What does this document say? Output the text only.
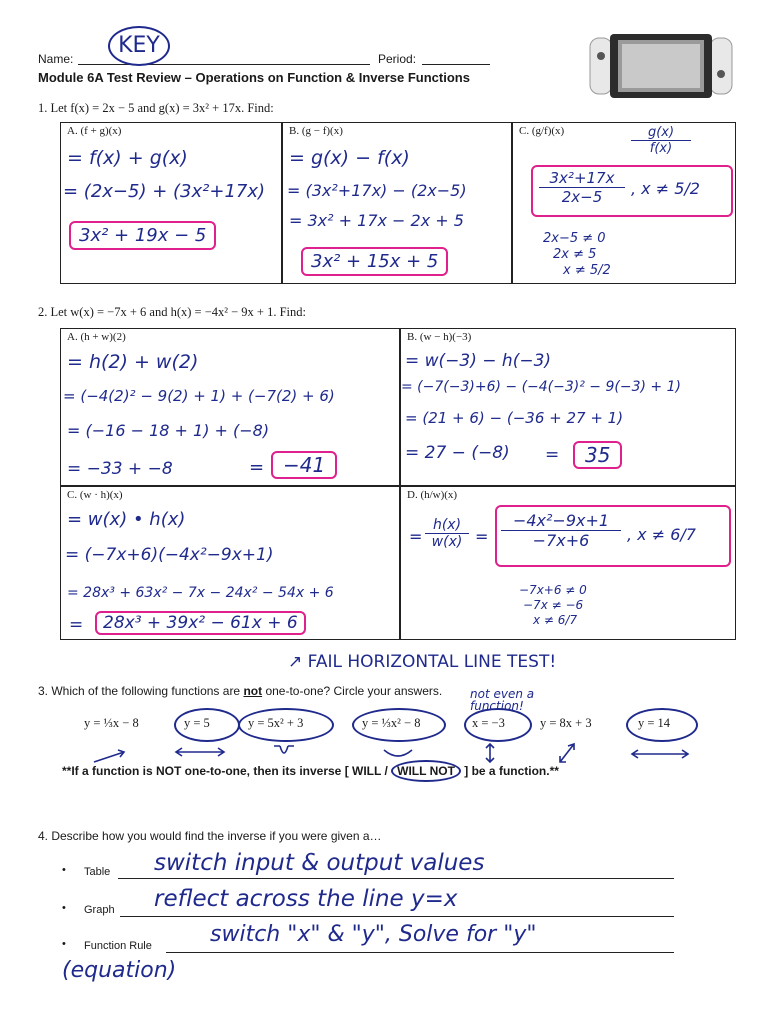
Name:
KEY
Period:
Module 6A Test Review – Operations on Function & Inverse Functions
1. Let f(x) = 2x − 5 and g(x) = 3x² + 17x. Find:
A. (f + g)(x)
= f(x) + g(x)
= (2x−5) + (3x²+17x)
3x² + 19x − 5
B. (g − f)(x)
= g(x) − f(x)
= (3x²+17x) − (2x−5)
= 3x² + 17x − 2x + 5
3x² + 15x + 5
C. (g/f)(x)	g(x)
f(x)
3x²+17x
2x−5	, x ≠ 5/2
2x−5 ≠ 0
2x ≠ 5
x ≠ 5/2
2. Let w(x) = −7x + 6 and h(x) = −4x² − 9x + 1. Find:
A. (h + w)(2)
= h(2) + w(2)
= (−4(2)² − 9(2) + 1) + (−7(2) + 6)
= (−16 − 18 + 1) + (−8)
= −33 + −8	= −41
B. (w − h)(−3)
= w(−3) − h(−3)
= (−7(−3)+6) − (−4(−3)² − 9(−3) + 1)
= (21 + 6) − (−36 + 27 + 1)
= 27 − (−8) =	35
C. (w · h)(x)
= w(x) • h(x)
= (−7x+6)(−4x²−9x+1)
= 28x³ + 63x² − 7x − 24x² − 54x + 6
=	28x³ + 39x² − 61x + 6
D. (h/w)(x)
=
h(x)
w(x) =
−4x²−9x+1
−7x+6	, x ≠ 6/7
−7x+6 ≠ 0
−7x ≠ −6
x ≠ 6/7
↗ FAIL HORIZONTAL LINE TEST!
3. Which of the following functions are not one-to-one? Circle your answers. not even a function!
y = ⅓x − 8	y = 5	y = 5x² + 3	y = ⅓x² − 8	x = −3	y = 8x + 3	y = 14
**If a function is NOT one-to-one, then its inverse [ WILL / WILL NOT ] be a function.**
4. Describe how you would find the inverse if you were given a…
• Table switch input & output values
• Graph reflect across the line y=x
• Function Rule	switch "x" & "y", Solve for "y"
(equation)
